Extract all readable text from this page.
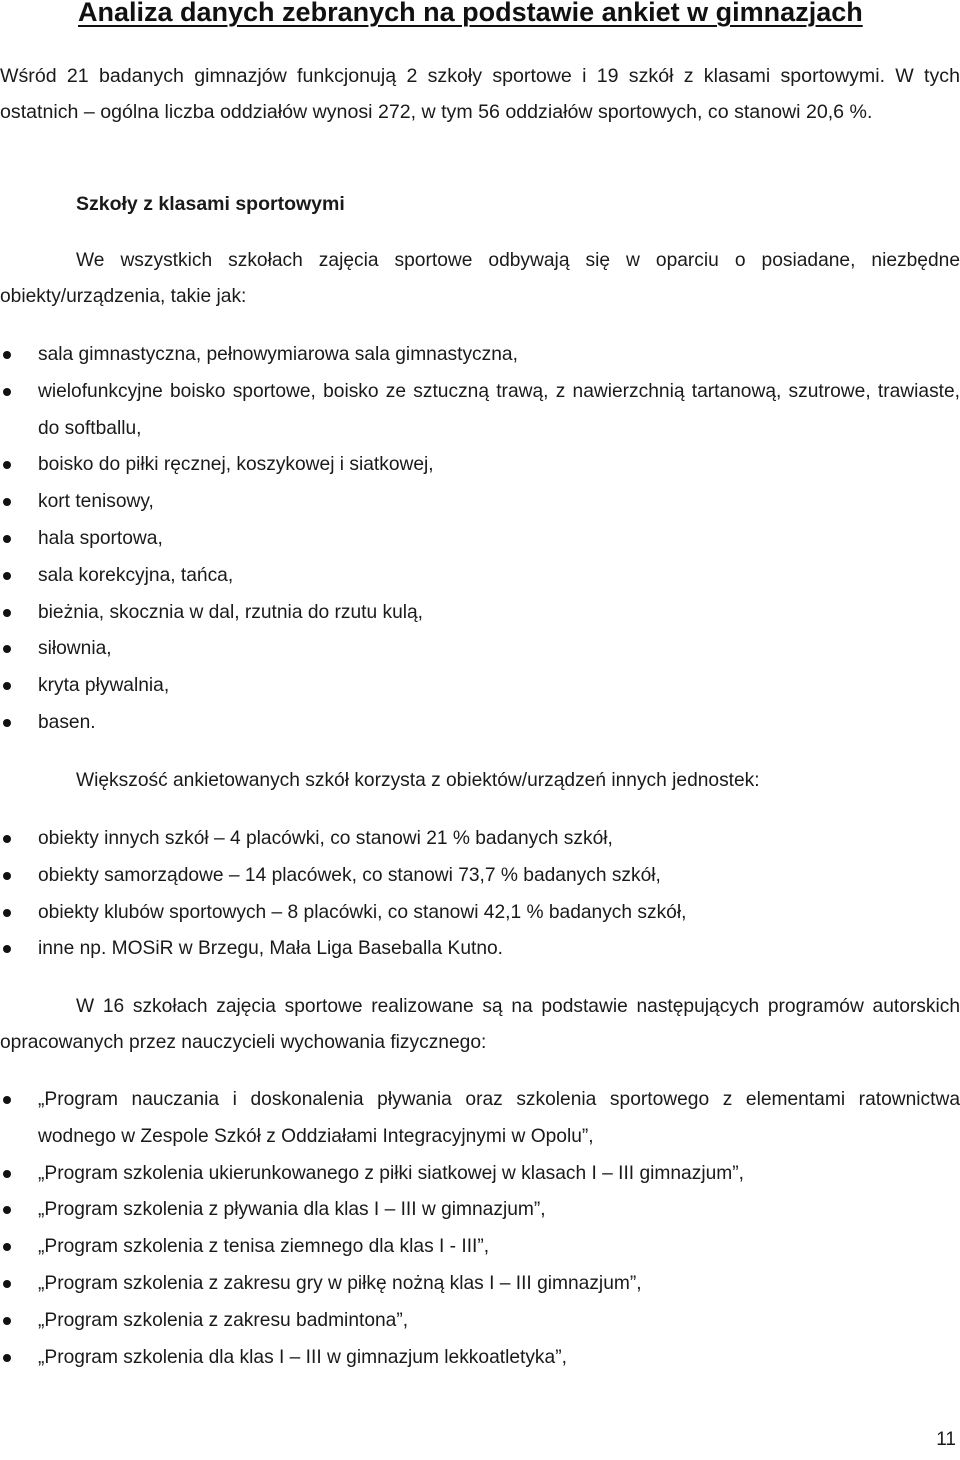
Analiza danych zebranych na podstawie ankiet w gimnazjach

Wśród 21 badanych gimnazjów funkcjonują 2 szkoły sportowe i 19 szkół z klasami sportowymi. W tych ostatnich – ogólna liczba oddziałów wynosi 272, w tym 56 oddziałów sportowych, co stanowi 20,6 %.

Szkoły z klasami sportowymi

We wszystkich szkołach zajęcia sportowe odbywają się w oparciu o posiadane, niezbędne obiekty/urządzenia, takie jak:

sala gimnastyczna, pełnowymiarowa sala gimnastyczna,
wielofunkcyjne boisko sportowe, boisko ze sztuczną trawą, z nawierzchnią tartanową, szutrowe, trawiaste, do softballu,
boisko do piłki ręcznej, koszykowej i siatkowej,
kort tenisowy,
hala sportowa,
sala korekcyjna, tańca,
bieżnia, skocznia w dal, rzutnia do rzutu kulą,
siłownia,
kryta pływalnia,
basen.

Większość ankietowanych szkół korzysta z obiektów/urządzeń innych jednostek:

obiekty innych szkół – 4 placówki, co stanowi 21 % badanych szkół,
obiekty samorządowe – 14 placówek, co stanowi 73,7 % badanych szkół,
obiekty klubów sportowych – 8 placówki, co stanowi 42,1 % badanych szkół,
inne np. MOSiR w Brzegu, Mała Liga Baseballa Kutno.

W 16 szkołach zajęcia sportowe realizowane są na podstawie następujących programów autorskich opracowanych przez nauczycieli wychowania fizycznego:

„Program nauczania i doskonalenia pływania oraz szkolenia sportowego z elementami ratownictwa wodnego w Zespole Szkół z Oddziałami Integracyjnymi w Opolu”,
„Program szkolenia ukierunkowanego z piłki siatkowej w klasach I – III gimnazjum”,
„Program szkolenia z pływania dla klas I – III w gimnazjum”,
„Program szkolenia z tenisa ziemnego dla klas I - III”,
„Program szkolenia z zakresu gry w piłkę nożną klas I – III gimnazjum”,
„Program szkolenia z zakresu badmintona”,
„Program szkolenia dla klas I – III w gimnazjum lekkoatletyka”,
11
